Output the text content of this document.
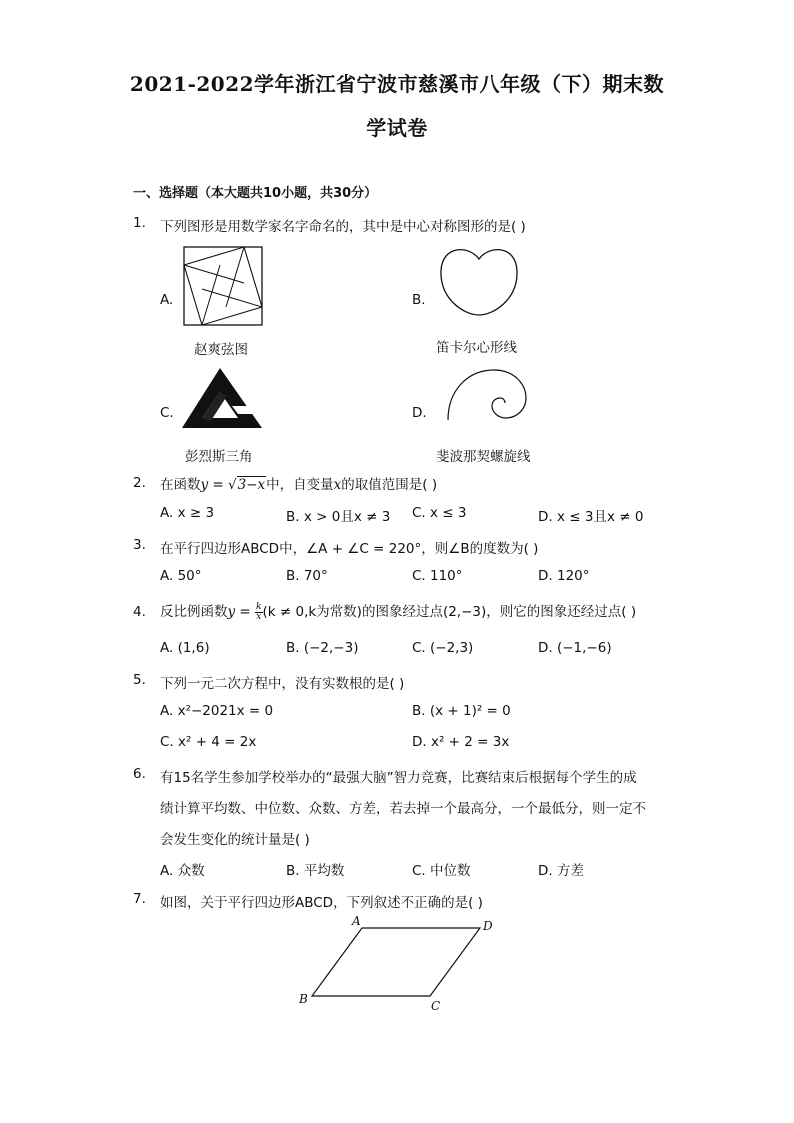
2021-2022学年浙江省宁波市慈溪市八年级（下）期末数
学试卷
一、选择题（本大题共10小题，共30分）
1. 下列图形是用数学家名字命名的，其中是中心对称图形的是( )
A.
赵爽弦图
B.
笛卡尔心形线
C.
彭烈斯三角
D.
斐波那契螺旋线
2. 在函数y = √3−x中，自变量x的取值范围是( )
A. x ≥ 3	B. x > 0且x ≠ 3 C. x ≤ 3	D. x ≤ 3且x ≠ 0
3. 在平行四边形ABCD中，∠A + ∠C = 220°，则∠B的度数为( )
A. 50°	B. 70°	C. 110°	D. 120°
4. 反比例函数$y = \frac{k}{x} (k \ne 0,k$为常数)的图象经过点(2,−3)，则它的图象还经过点( )
A. (1,6)	B. (−2,−3)	C. (−2,3)	D. (−1,−6)
5. 下列一元二次方程中，没有实数根的是( )
A. x²−2021x = 0	B. (x + 1)² = 0
C. x² + 4 = 2x	D. x² + 2 = 3x
6. 有15名学生参加学校举办的“最强大脑”智力竞赛，比赛结束后根据每个学生的成
绩计算平均数、中位数、众数、方差，若去掉一个最高分，一个最低分，则一定不
会发生变化的统计量是( )
A. 众数	B. 平均数	C. 中位数	D. 方差
7. 如图，关于平行四边形ABCD，下列叙述不正确的是( )
A	D
B	C
